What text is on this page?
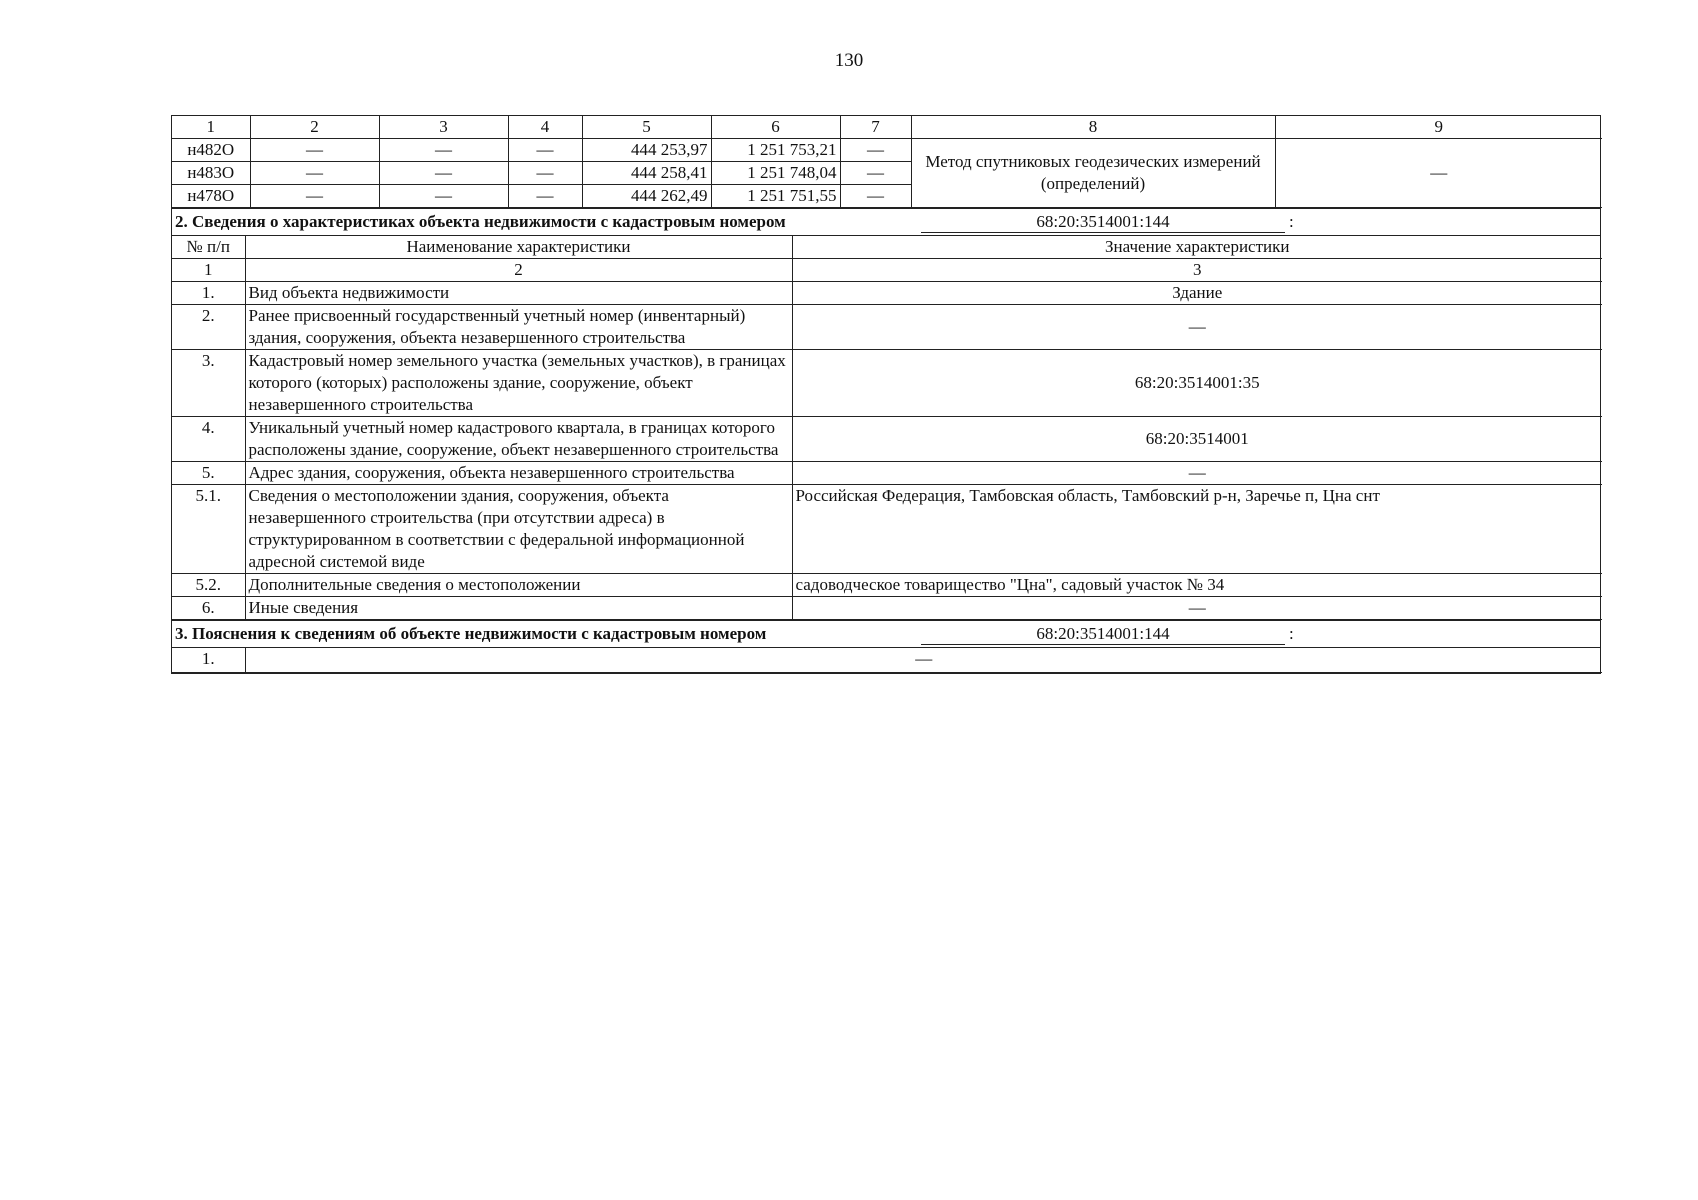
130
1	2	3	4	5	6	7	8	9
н482О	—	—	—	444 253,97	1 251 753,21	—	Метод спутниковых геодезических измерений (определений)	—
н483О	—	—	—	444 258,41	1 251 748,04	—		
н478О	—	—	—	444 262,49	1 251 751,55	—		
2. Сведения о характеристиках объекта недвижимости с кадастровым номером	68:20:3514001:144	:
№ п/п	Наименование характеристики	Значение характеристики
1	2	3
1.	Вид объекта недвижимости	Здание
2.	Ранее присвоенный государственный учетный номер (инвентарный) здания, сооружения, объекта незавершенного строительства	—
3.	Кадастровый номер земельного участка (земельных участков), в границах которого (которых) расположены здание, сооружение, объект незавершенного строительства	68:20:3514001:35
4.	Уникальный учетный номер кадастрового квартала, в границах которого расположены здание, сооружение, объект незавершенного строительства	68:20:3514001
5.	Адрес здания, сооружения, объекта незавершенного строительства	—
5.1.	Сведения о местоположении здания, сооружения, объекта незавершенного строительства (при отсутствии адреса) в структурированном в соответствии с федеральной информационной адресной системой виде	Российская Федерация, Тамбовская область, Тамбовский р-н, Заречье п, Цна снт
5.2.	Дополнительные сведения о местоположении	садоводческое товарищество "Цна", садовый участок № 34
6.	Иные сведения	—
3. Пояснения к сведениям об объекте недвижимости с кадастровым номером	68:20:3514001:144	:
1.	—
